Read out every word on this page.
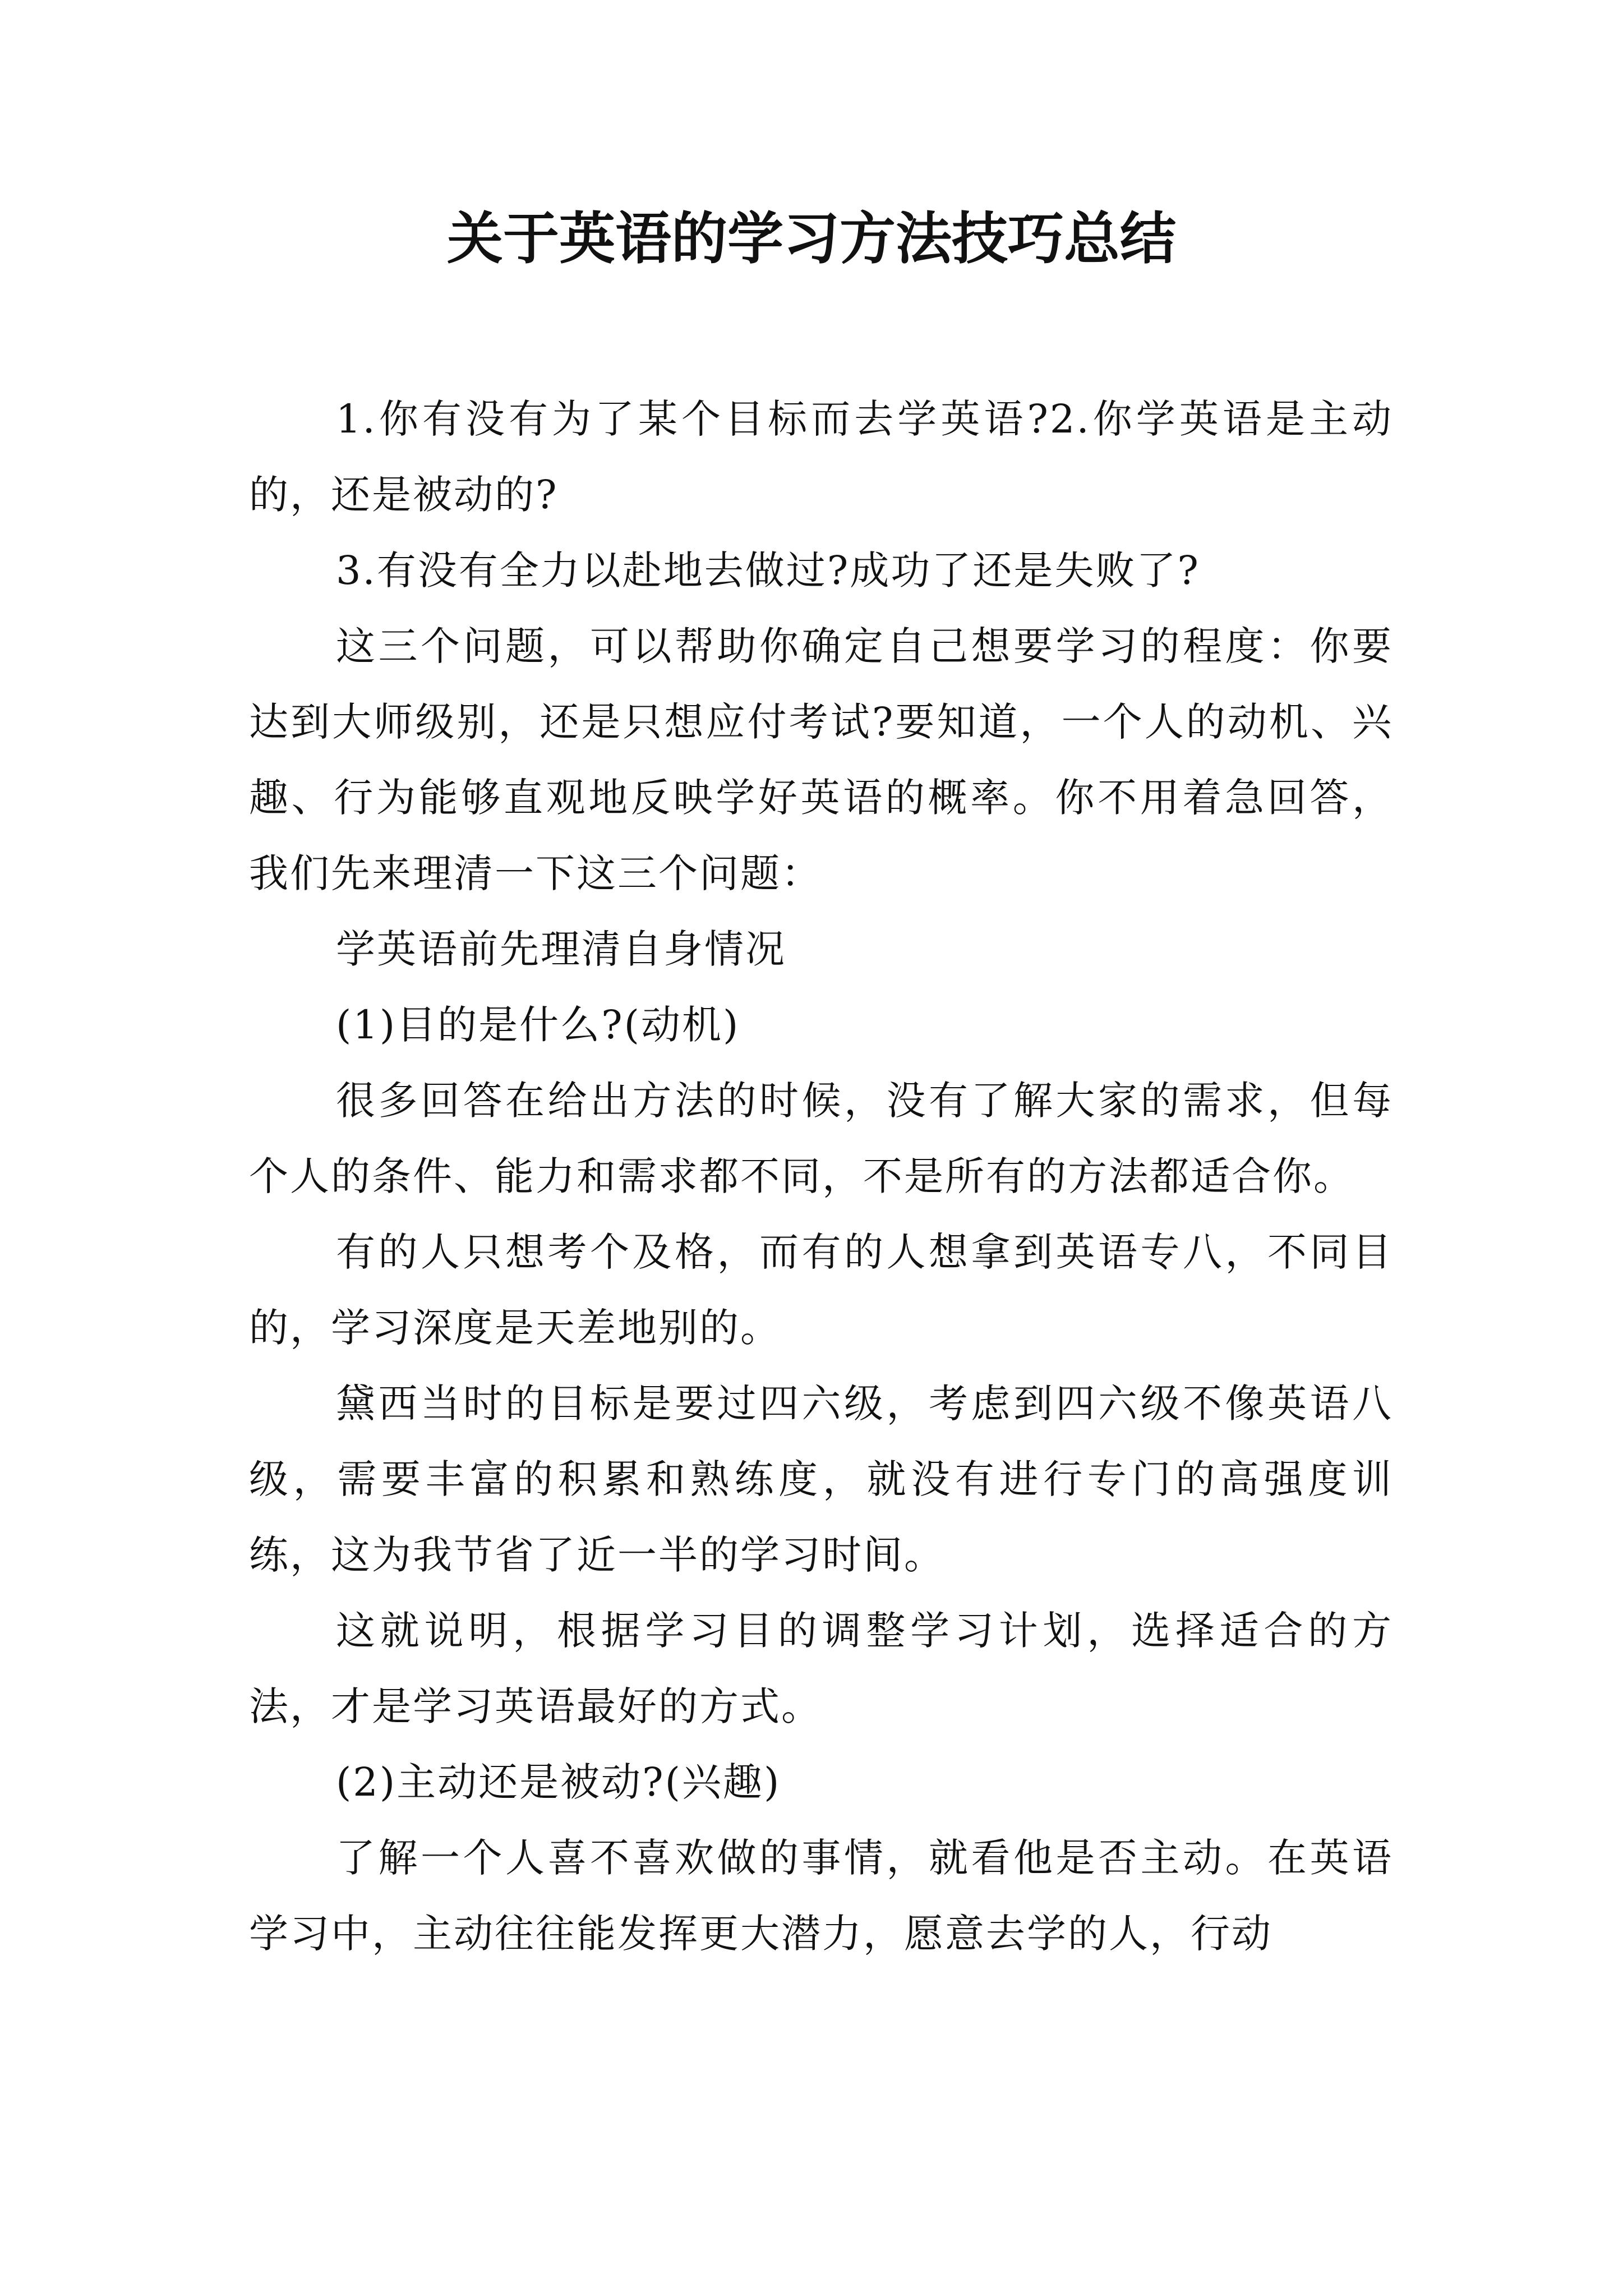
关于英语的学习方法技巧总结

1.你有没有为了某个目标而去学英语?2.你学英语是主动的，还是被动的?

3.有没有全力以赴地去做过?成功了还是失败了?

这三个问题，可以帮助你确定自己想要学习的程度：你要达到大师级别，还是只想应付考试?要知道，一个人的动机、兴趣、行为能够直观地反映学好英语的概率。你不用着急回答，我们先来理清一下这三个问题：

学英语前先理清自身情况

(1)目的是什么?(动机)

很多回答在给出方法的时候，没有了解大家的需求，但每个人的条件、能力和需求都不同，不是所有的方法都适合你。

有的人只想考个及格，而有的人想拿到英语专八，不同目的，学习深度是天差地别的。

黛西当时的目标是要过四六级，考虑到四六级不像英语八级，需要丰富的积累和熟练度，就没有进行专门的高强度训练，这为我节省了近一半的学习时间。

这就说明，根据学习目的调整学习计划，选择适合的方法，才是学习英语最好的方式。

(2)主动还是被动?(兴趣)

了解一个人喜不喜欢做的事情，就看他是否主动。在英语学习中，主动往往能发挥更大潜力，愿意去学的人，行动
